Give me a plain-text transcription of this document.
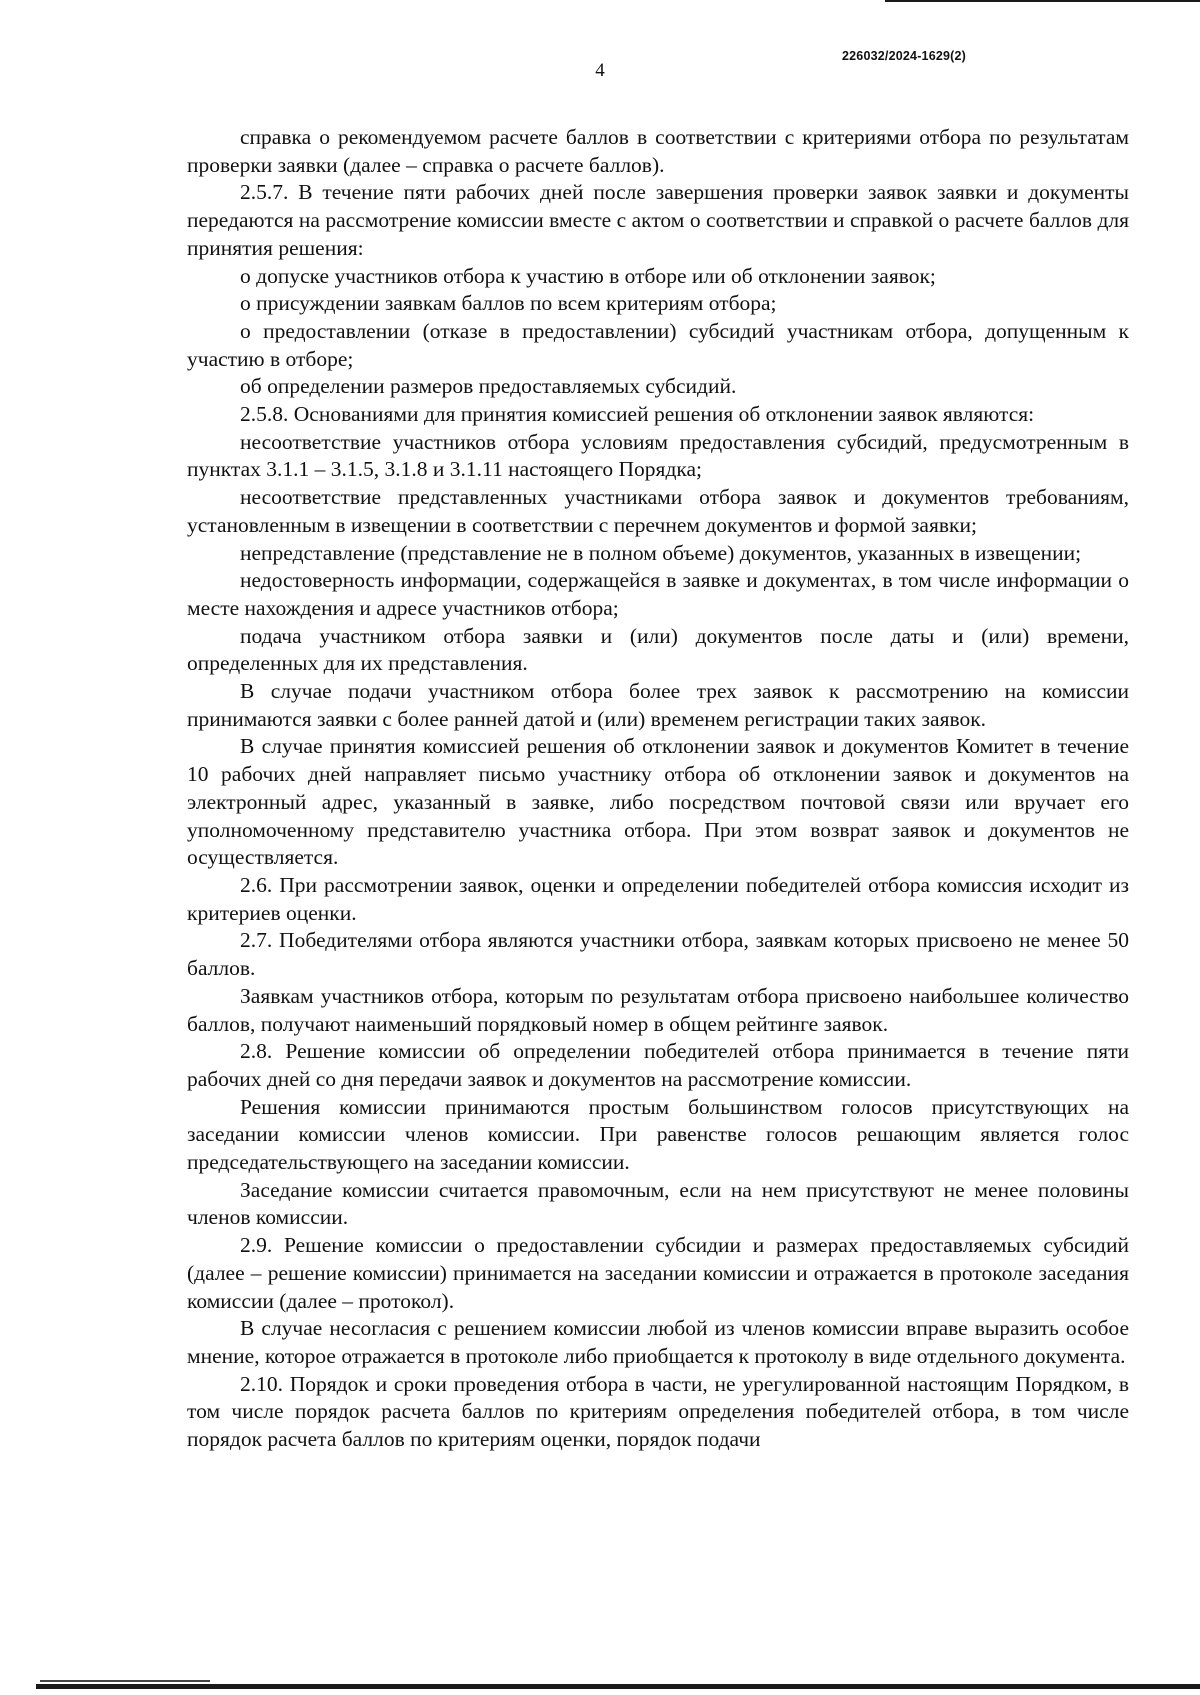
226032/2024-1629(2)
4

справка о рекомендуемом расчете баллов в соответствии с критериями отбора по результатам проверки заявки (далее – справка о расчете баллов).

2.5.7. В течение пяти рабочих дней после завершения проверки заявок заявки и документы передаются на рассмотрение комиссии вместе с актом о соответствии и справкой о расчете баллов для принятия решения:

о допуске участников отбора к участию в отборе или об отклонении заявок;

о присуждении заявкам баллов по всем критериям отбора;

о предоставлении (отказе в предоставлении) субсидий участникам отбора, допущенным к участию в отборе;

об определении размеров предоставляемых субсидий.

2.5.8. Основаниями для принятия комиссией решения об отклонении заявок являются:

несоответствие участников отбора условиям предоставления субсидий, предусмотренным в пунктах 3.1.1 – 3.1.5, 3.1.8 и 3.1.11 настоящего Порядка;

несоответствие представленных участниками отбора заявок и документов требованиям, установленным в извещении в соответствии с перечнем документов и формой заявки;

непредставление (представление не в полном объеме) документов, указанных в извещении;

недостоверность информации, содержащейся в заявке и документах, в том числе информации о месте нахождения и адресе участников отбора;

подача участником отбора заявки и (или) документов после даты и (или) времени, определенных для их представления.

В случае подачи участником отбора более трех заявок к рассмотрению на комиссии принимаются заявки с более ранней датой и (или) временем регистрации таких заявок.

В случае принятия комиссией решения об отклонении заявок и документов Комитет в течение 10 рабочих дней направляет письмо участнику отбора об отклонении заявок и документов на электронный адрес, указанный в заявке, либо посредством почтовой связи или вручает его уполномоченному представителю участника отбора. При этом возврат заявок и документов не осуществляется.

2.6. При рассмотрении заявок, оценки и определении победителей отбора комиссия исходит из критериев оценки.

2.7. Победителями отбора являются участники отбора, заявкам которых присвоено не менее 50 баллов.

Заявкам участников отбора, которым по результатам отбора присвоено наибольшее количество баллов, получают наименьший порядковый номер в общем рейтинге заявок.

2.8. Решение комиссии об определении победителей отбора принимается в течение пяти рабочих дней со дня передачи заявок и документов на рассмотрение комиссии.

Решения комиссии принимаются простым большинством голосов присутствующих на заседании комиссии членов комиссии. При равенстве голосов решающим является голос председательствующего на заседании комиссии.

Заседание комиссии считается правомочным, если на нем присутствуют не менее половины членов комиссии.

2.9. Решение комиссии о предоставлении субсидии и размерах предоставляемых субсидий (далее – решение комиссии) принимается на заседании комиссии и отражается в протоколе заседания комиссии (далее – протокол).

В случае несогласия с решением комиссии любой из членов комиссии вправе выразить особое мнение, которое отражается в протоколе либо приобщается к протоколу в виде отдельного документа.

2.10. Порядок и сроки проведения отбора в части, не урегулированной настоящим Порядком, в том числе порядок расчета баллов по критериям определения победителей отбора, в том числе порядок расчета баллов по критериям оценки, порядок подачи
